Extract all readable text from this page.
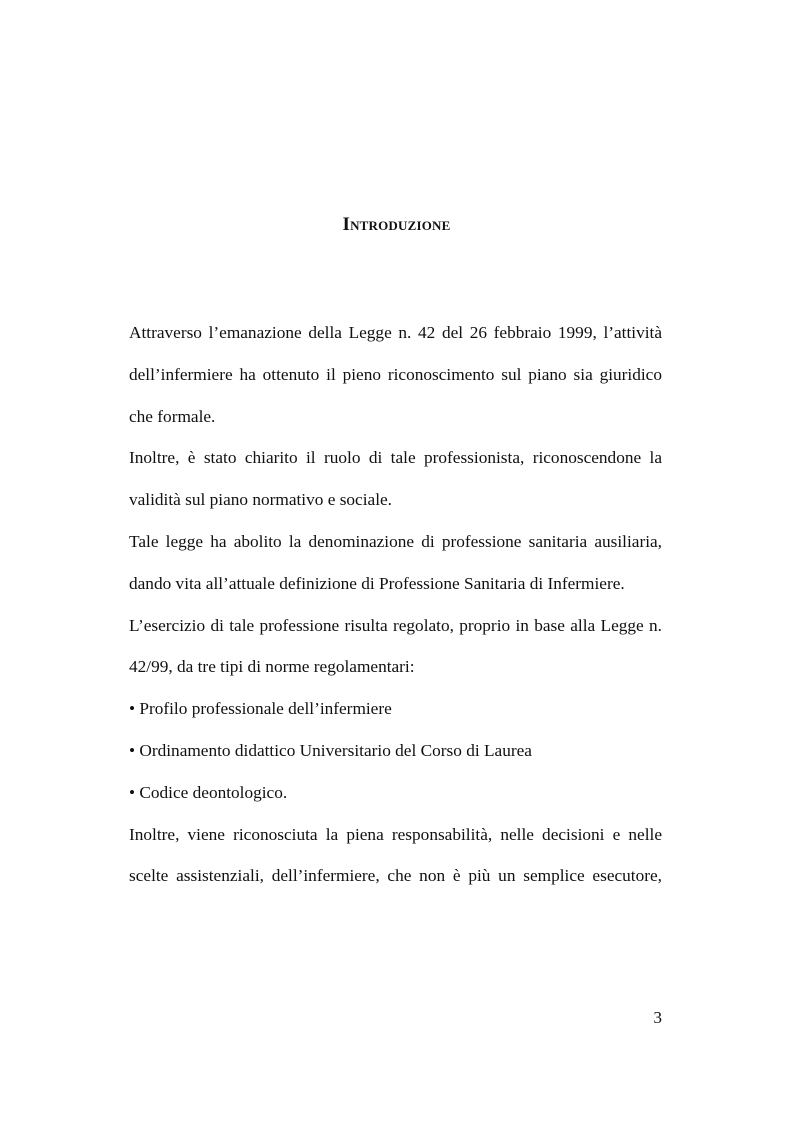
Introduzione

Attraverso l’emanazione della Legge n. 42 del 26 febbraio 1999, l’attività dell’infermiere ha ottenuto il pieno riconoscimento sul piano sia giuridico che formale.

Inoltre, è stato chiarito il ruolo di tale professionista, riconoscendone la validità sul piano normativo e sociale.

Tale legge ha abolito la denominazione di professione sanitaria ausiliaria, dando vita all’attuale definizione di Professione Sanitaria di Infermiere.

L’esercizio di tale professione risulta regolato, proprio in base alla Legge n. 42/99, da tre tipi di norme regolamentari:

• Profilo professionale dell’infermiere

• Ordinamento didattico Universitario del Corso di Laurea

• Codice deontologico.

Inoltre, viene riconosciuta la piena responsabilità, nelle decisioni e nelle scelte assistenziali, dell’infermiere, che non è più un semplice esecutore,

3
